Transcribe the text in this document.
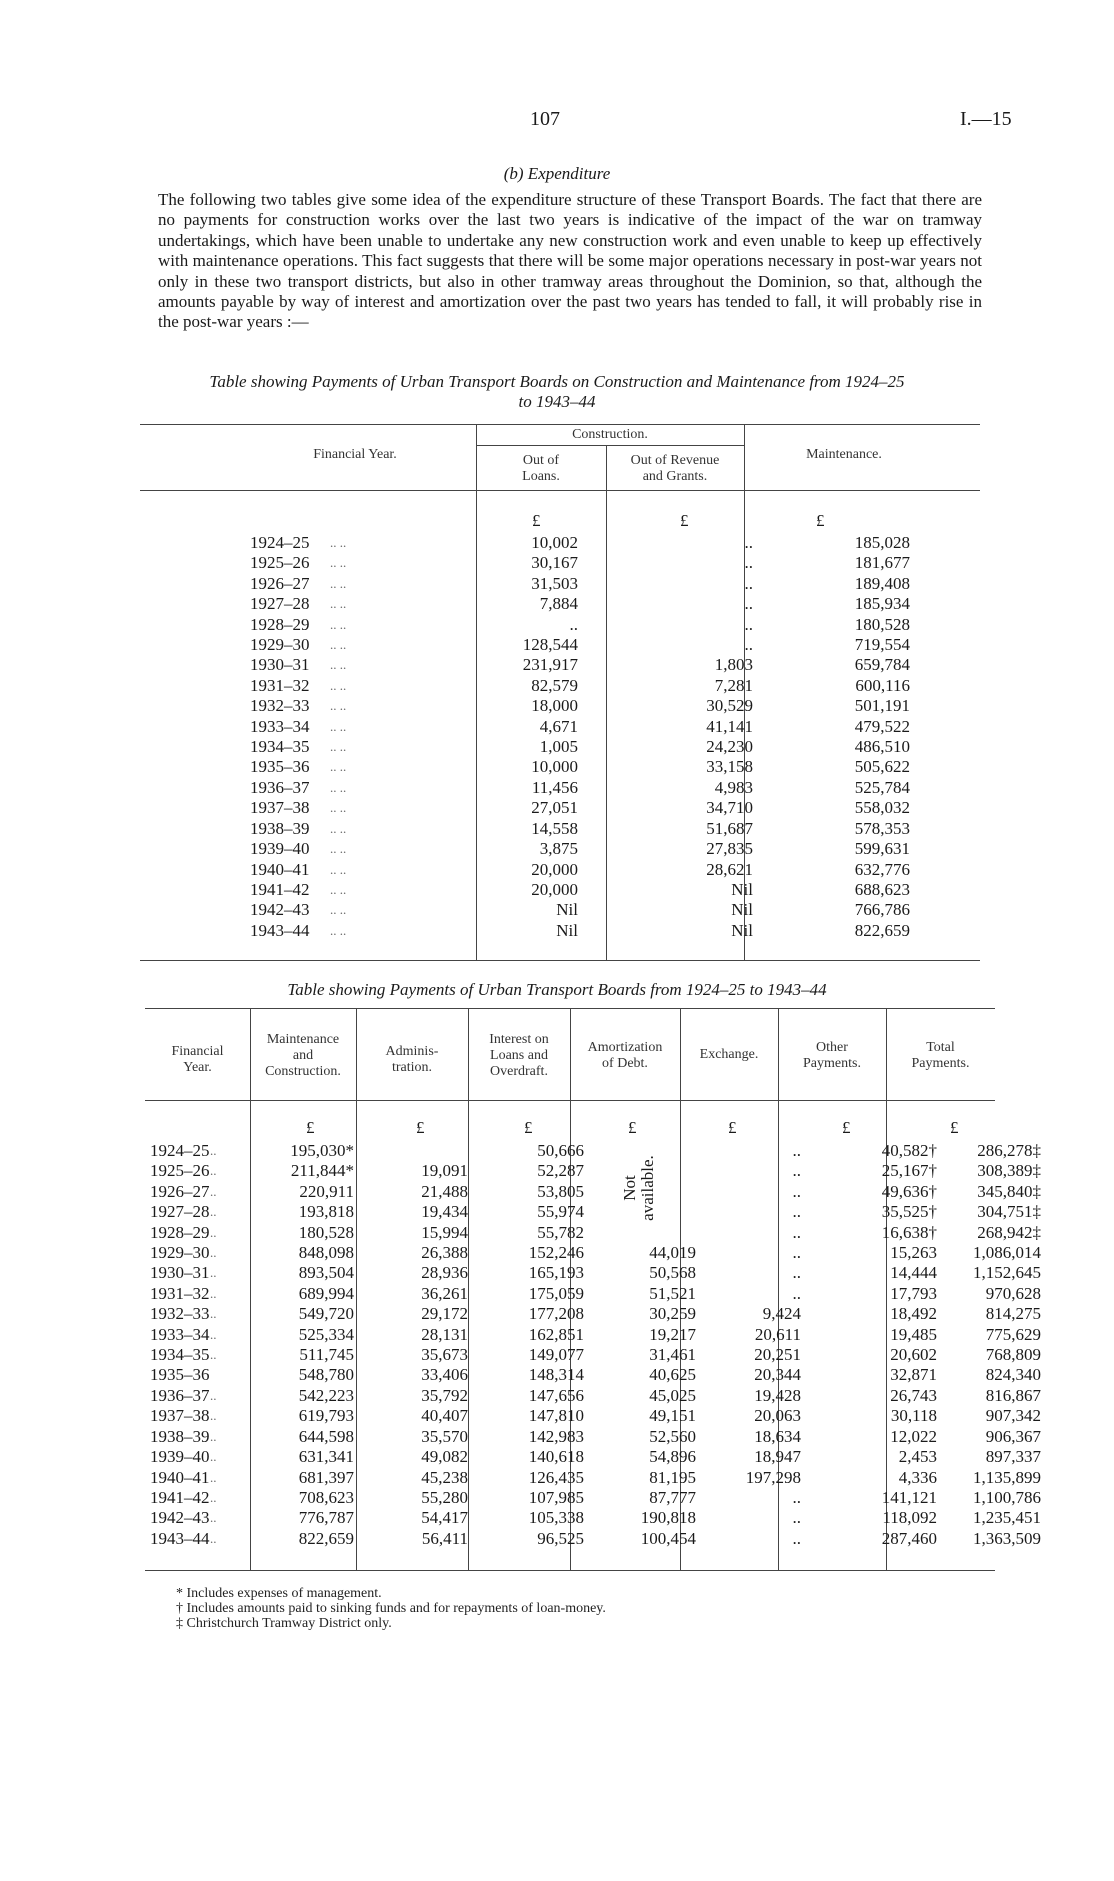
107	I.—15
(b) Expenditure

The following two tables give some idea of the expenditure structure of these Transport Boards. The fact that there are no payments for construction works over the last two years is indicative of the impact of the war on tramway undertakings, which have been unable to undertake any new construction work and even unable to keep up effectively with maintenance operations. This fact suggests that there will be some major operations necessary in post-war years not only in these two transport districts, but also in other tramway areas throughout the Dominion, so that, although the amounts payable by way of interest and amortization over the past two years has tended to fall, it will probably rise in the post-war years :—

Table showing Payments of Urban Transport Boards on Construction and Maintenance from 1924–25
to 1943–44
Financial Year.
Construction.
Out of
Loans.
Out of Revenue
and Grants.
Maintenance.
£	£	£
1924–25	.. ..	10,002	..	185,028
1925–26	.. ..	30,167	..	181,677
1926–27	.. ..	31,503	..	189,408
1927–28	.. ..	7,884	..	185,934
1928–29	.. ..	..	..	180,528
1929–30	.. ..	128,544	..	719,554
1930–31	.. ..	231,917	1,803	659,784
1931–32	.. ..	82,579	7,281	600,116
1932–33	.. ..	18,000	30,529	501,191
1933–34	.. ..	4,671	41,141	479,522
1934–35	.. ..	1,005	24,230	486,510
1935–36	.. ..	10,000	33,158	505,622
1936–37	.. ..	11,456	4,983	525,784
1937–38	.. ..	27,051	34,710	558,032
1938–39	.. ..	14,558	51,687	578,353
1939–40	.. ..	3,875	27,835	599,631
1940–41	.. ..	20,000	28,621	632,776
1941–42	.. ..	20,000	Nil	688,623
1942–43	.. ..	Nil	Nil	766,786
1943–44	.. ..	Nil	Nil	822,659
Table showing Payments of Urban Transport Boards from 1924–25 to 1943–44
Financial
Year.
Maintenance
and
Construction.
Adminis-
tration.
Interest on
Loans and
Overdraft.
Amortization
of Debt.
Exchange.	Other
Payments.
Total
Payments.
£	£	£	£	£	£	£
Not available.
1924–25	..	195,030*		50,666		..	40,582†	286,278‡
1925–26	..	211,844*	19,091	52,287		..	25,167†	308,389‡
1926–27	..	220,911	21,488	53,805		..	49,636†	345,840‡
1927–28	..	193,818	19,434	55,974		..	35,525†	304,751‡
1928–29	..	180,528	15,994	55,782		..	16,638†	268,942‡
1929–30	..	848,098	26,388	152,246	44,019	..	15,263	1,086,014
1930–31	..	893,504	28,936	165,193	50,568	..	14,444	1,152,645
1931–32	..	689,994	36,261	175,059	51,521	..	17,793	970,628
1932–33	..	549,720	29,172	177,208	30,259	9,424	18,492	814,275
1933–34	..	525,334	28,131	162,851	19,217	20,611	19,485	775,629
1934–35	..	511,745	35,673	149,077	31,461	20,251	20,602	768,809
1935–36		548,780	33,406	148,314	40,625	20,344	32,871	824,340
1936–37	..	542,223	35,792	147,656	45,025	19,428	26,743	816,867
1937–38	..	619,793	40,407	147,810	49,151	20,063	30,118	907,342
1938–39	..	644,598	35,570	142,983	52,560	18,634	12,022	906,367
1939–40	..	631,341	49,082	140,618	54,896	18,947	2,453	897,337
1940–41	..	681,397	45,238	126,435	81,195	197,298	4,336	1,135,899
1941–42	..	708,623	55,280	107,985	87,777	..	141,121	1,100,786
1942–43	..	776,787	54,417	105,338	190,818	..	118,092	1,235,451
1943–44	..	822,659	56,411	96,525	100,454	..	287,460	1,363,509
* Includes expenses of management.
† Includes amounts paid to sinking funds and for repayments of loan-money.
‡ Christchurch Tramway District only.
